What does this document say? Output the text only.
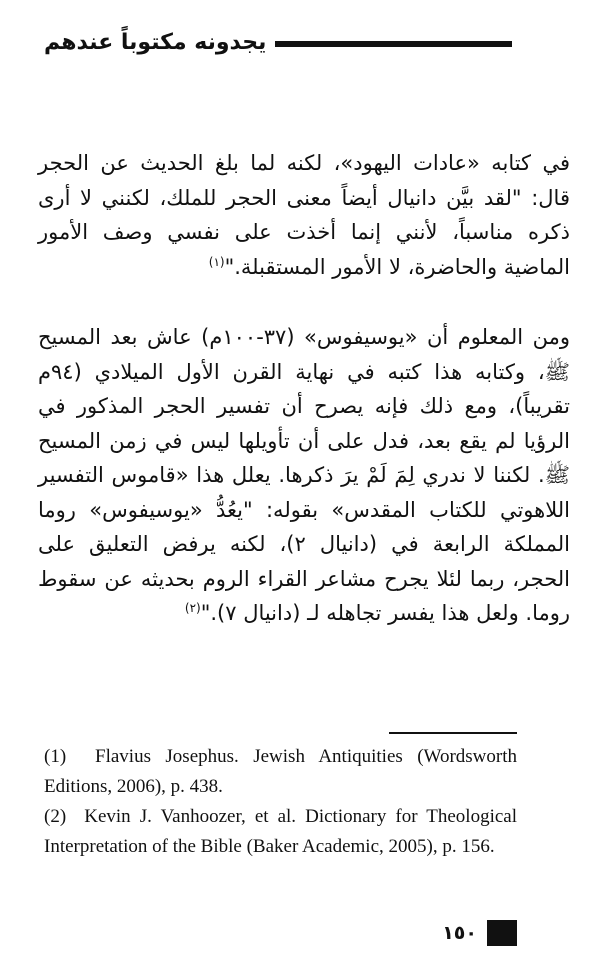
يجدونه مكتوباً عندهم

في كتابه «عادات اليهود»، لكنه لما بلغ الحديث عن الحجر قال: "لقد بيَّن دانيال أيضاً معنى الحجر للملك، لكنني لا أرى ذكره مناسباً، لأنني إنما أخذت على نفسي وصف الأمور الماضية والحاضرة، لا الأمور المستقبلة."$^{(١)}$

ومن المعلوم أن «يوسيفوس» (٣٧-١٠٠م) عاش بعد المسيح ﷺ، وكتابه هذا كتبه في نهاية القرن الأول الميلادي (٩٤م تقريباً)، ومع ذلك فإنه يصرح أن تفسير الحجر المذكور في الرؤيا لم يقع بعد، فدل على أن تأويلها ليس في زمن المسيح ﷺ. لكننا لا ندري لِمَ لَمْ يرَ ذكرها. يعلل هذا «قاموس التفسير اللاهوتي للكتاب المقدس» بقوله: "يعُدُّ «يوسيفوس» روما المملكة الرابعة في (دانيال ٢)، لكنه يرفض التعليق على الحجر، ربما لئلا يجرح مشاعر القراء الروم بحديثه عن سقوط روما. ولعل هذا يفسر تجاهله لـ (دانيال ٧)."$^{(٢)}$

(1) Flavius Josephus. Jewish Antiquities (Wordsworth Editions, 2006), p. 438.

(2) Kevin J. Vanhoozer, et al. Dictionary for Theological Interpretation of the Bible (Baker Academic, 2005), p. 156.

١٥٠
